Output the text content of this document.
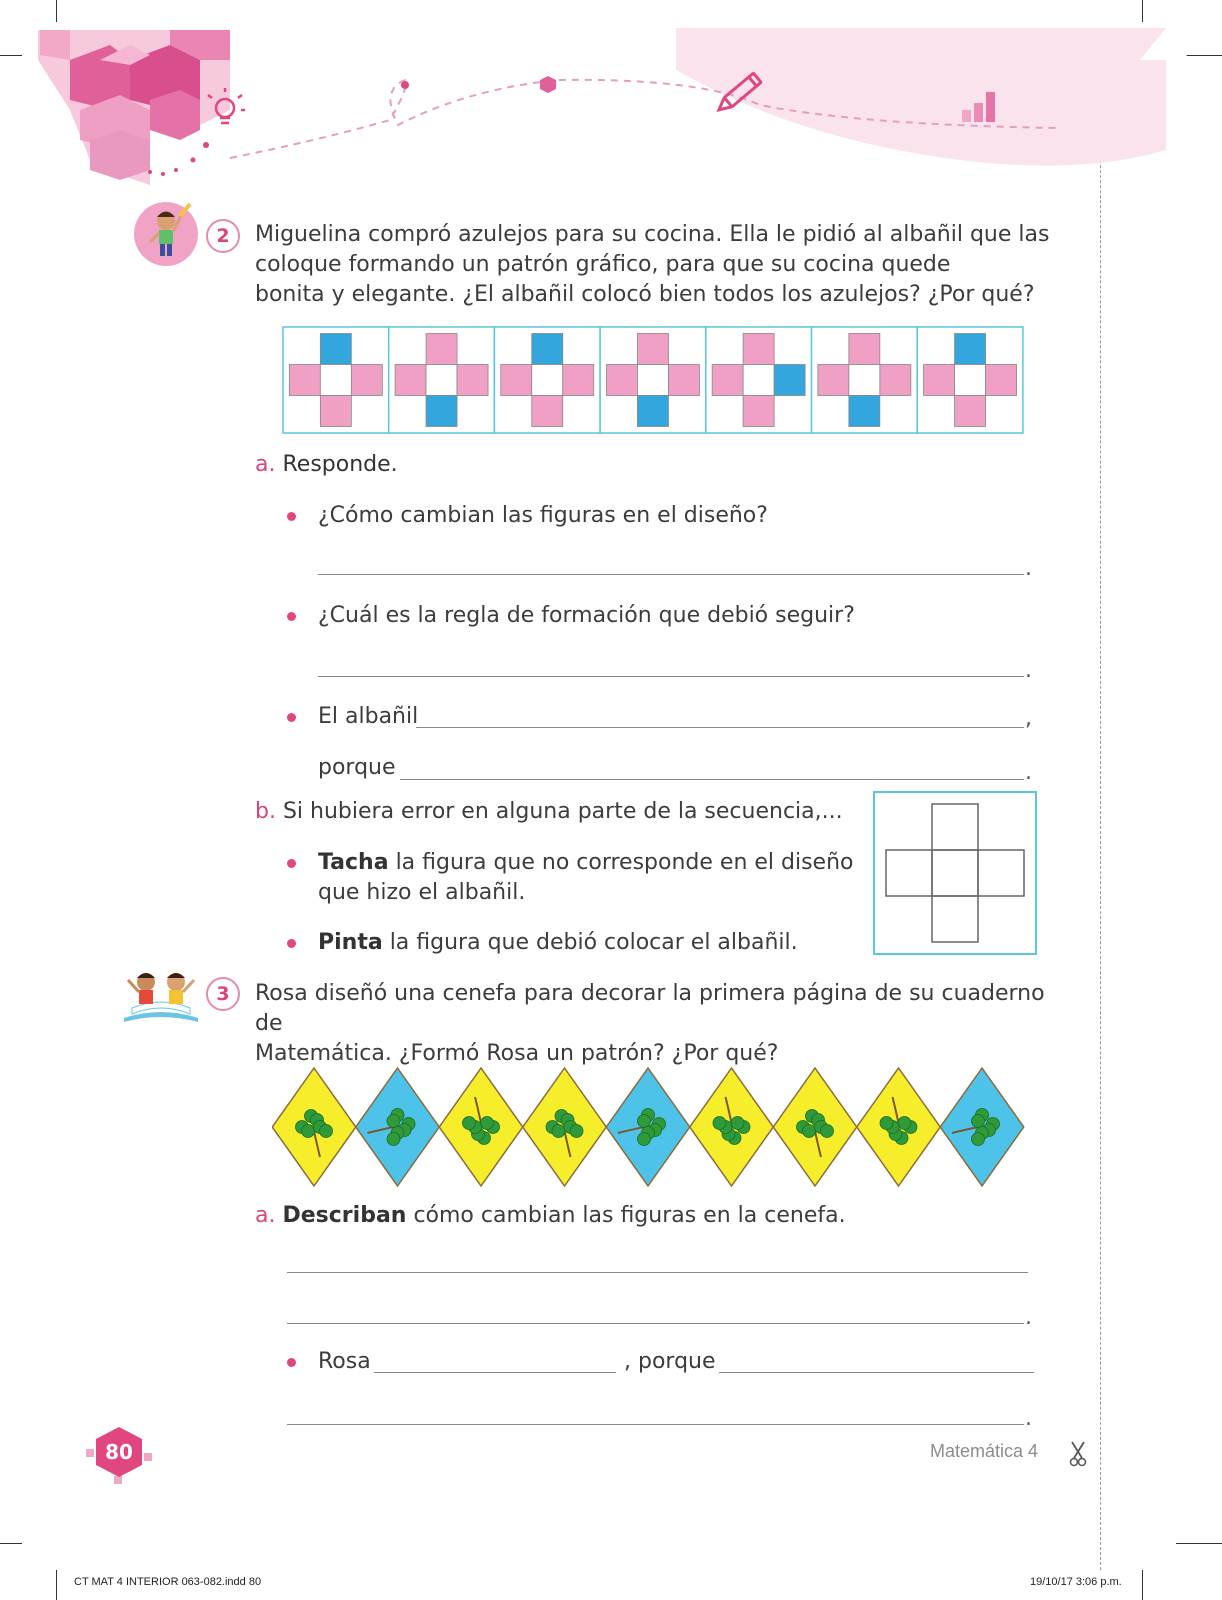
2	Miguelina compró azulejos para su cocina. Ella le pidió al albañil que las
coloque formando un patrón gráfico, para que su cocina quede
bonita y elegante. ¿El albañil colocó bien todos los azulejos? ¿Por qué?
a. Responde.
¿Cómo cambian las figuras en el diseño?
.
¿Cuál es la regla de formación que debió seguir?
.
El albañil	,
porque	.
b. Si hubiera error en alguna parte de la secuencia,...
Tacha la figura que no corresponde en el diseño
que hizo el albañil.
Pinta la figura que debió colocar el albañil.
3	Rosa diseñó una cenefa para decorar la primera página de su cuaderno de
Matemática. ¿Formó Rosa un patrón? ¿Por qué?
a. Describan cómo cambian las figuras en la cenefa.
.
Rosa	, porque
.
80	Matemática 4
CT MAT 4 INTERIOR 063-082.indd 80	19/10/17 3:06 p.m.
